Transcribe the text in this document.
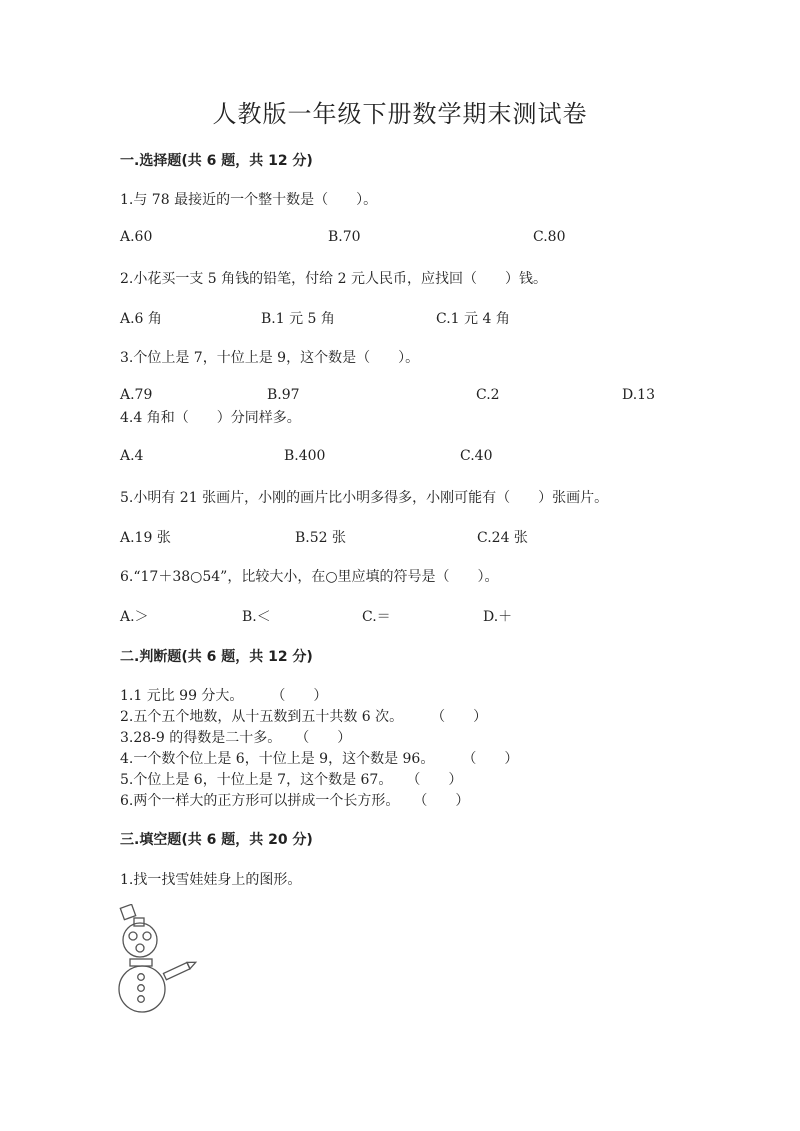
人教版一年级下册数学期末测试卷
一.选择题(共 6 题，共 12 分)
1.与 78 最接近的一个整十数是（　　）。
A.60	B.70	C.80
2.小花买一支 5 角钱的铅笔，付给 2 元人民币，应找回（　　）钱。
A.6 角	B.1 元 5 角	C.1 元 4 角
3.个位上是 7，十位上是 9，这个数是（　　）。
A.79	B.97	C.2	D.13
4.4 角和（　　）分同样多。
A.4	B.400	C.40
5.小明有 21 张画片，小刚的画片比小明多得多，小刚可能有（　　）张画片。
A.19 张	B.52 张	C.24 张
6.“17＋38○54”，比较大小，在○里应填的符号是（　　）。
A.＞	B.＜	C.＝	D.＋
二.判断题(共 6 题，共 12 分)
1.1 元比 99 分大。　　　（　　）
2.五个五个地数，从十五数到五十共数 6 次。　　　（　　）
3.28-9 的得数是二十多。　　（　　）
4.一个数个位上是 6，十位上是 9，这个数是 96。　　　（　　）
5.个位上是 6，十位上是 7，这个数是 67。　　（　　）
6.两个一样大的正方形可以拼成一个长方形。　　（　　）
三.填空题(共 6 题，共 20 分)
1.找一找雪娃娃身上的图形。
